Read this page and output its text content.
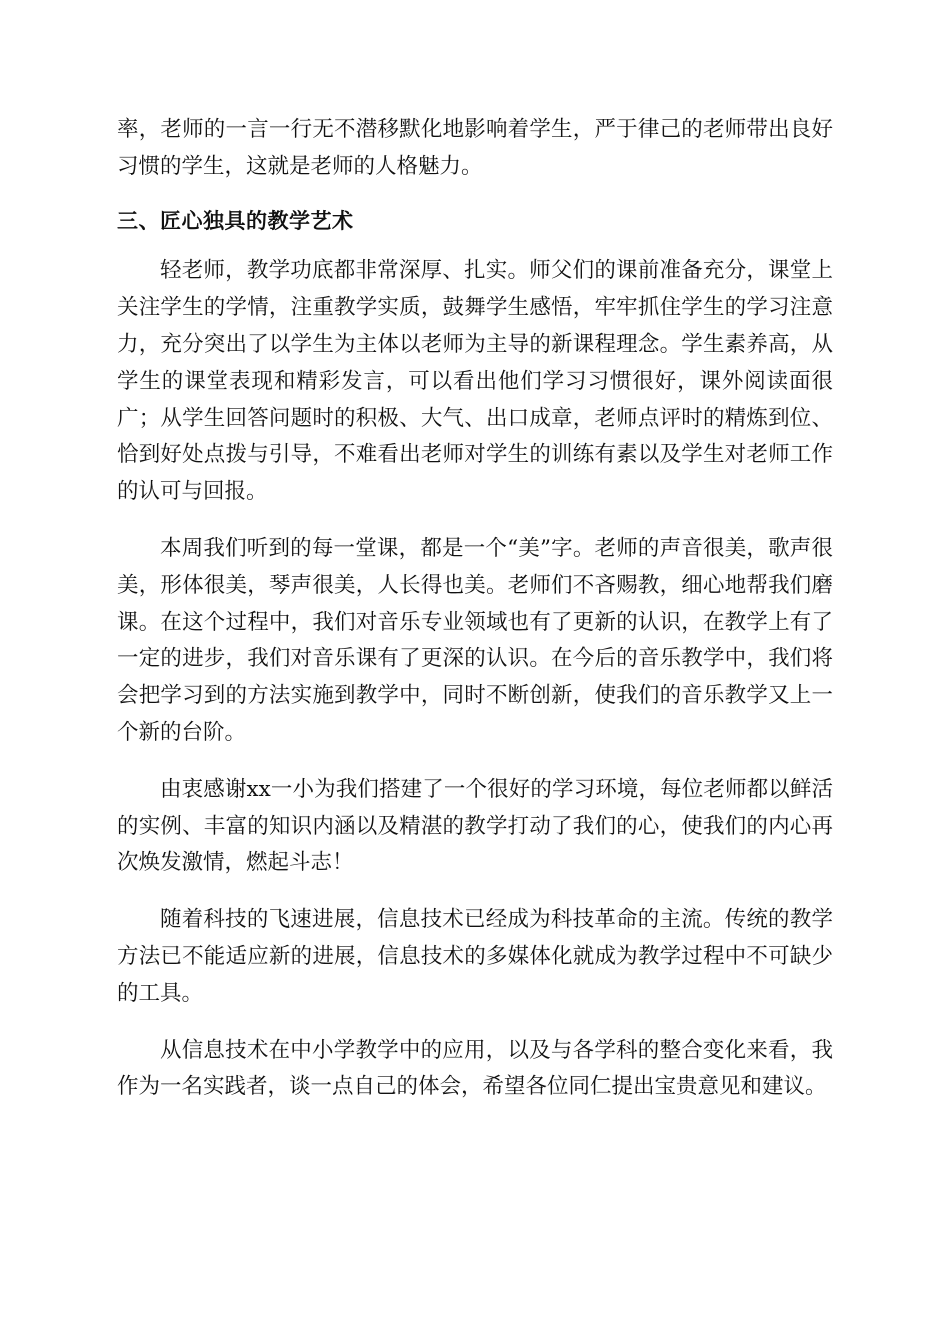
率，老师的一言一行无不潜移默化地影响着学生，严于律己的老师带出良好习惯的学生，这就是老师的人格魅力。

三、匠心独具的教学艺术

轻老师，教学功底都非常深厚、扎实。师父们的课前准备充分，课堂上关注学生的学情，注重教学实质，鼓舞学生感悟，牢牢抓住学生的学习注意力，充分突出了以学生为主体以老师为主导的新课程理念。学生素养高，从学生的课堂表现和精彩发言，可以看出他们学习习惯很好，课外阅读面很广；从学生回答问题时的积极、大气、出口成章，老师点评时的精炼到位、恰到好处点拨与引导，不难看出老师对学生的训练有素以及学生对老师工作的认可与回报。

本周我们听到的每一堂课，都是一个“美”字。老师的声音很美，歌声很美，形体很美，琴声很美，人长得也美。老师们不吝赐教，细心地帮我们磨课。在这个过程中，我们对音乐专业领域也有了更新的认识，在教学上有了一定的进步，我们对音乐课有了更深的认识。在今后的音乐教学中，我们将会把学习到的方法实施到教学中，同时不断创新，使我们的音乐教学又上一个新的台阶。

由衷感谢xx一小为我们搭建了一个很好的学习环境，每位老师都以鲜活的实例、丰富的知识内涵以及精湛的教学打动了我们的心，使我们的内心再次焕发激情，燃起斗志！

随着科技的飞速进展，信息技术已经成为科技革命的主流。传统的教学方法已不能适应新的进展，信息技术的多媒体化就成为教学过程中不可缺少的工具。

从信息技术在中小学教学中的应用，以及与各学科的整合变化来看，我作为一名实践者，谈一点自己的体会，希望各位同仁提出宝贵意见和建议。
